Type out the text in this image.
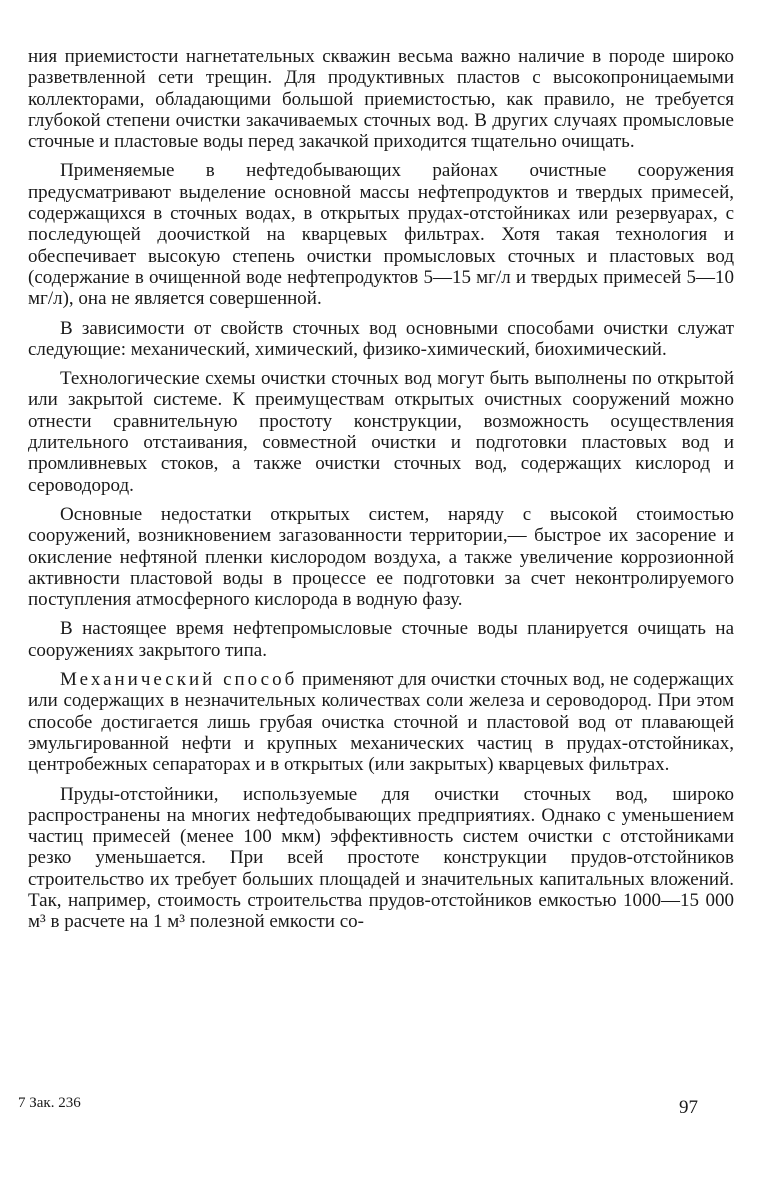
ния приемистости нагнетательных скважин весьма важно наличие в породе широко разветвленной сети трещин. Для продуктивных пластов с высокопроницаемыми коллекторами, обладающими большой приемистостью, как правило, не требуется глубокой степени очистки закачиваемых сточных вод. В других случаях промысловые сточные и пластовые воды перед закачкой приходится тщательно очищать.

Применяемые в нефтедобывающих районах очистные сооружения предусматривают выделение основной массы нефтепродуктов и твердых примесей, содержащихся в сточных водах, в открытых прудах-отстойниках или резервуарах, с последующей доочисткой на кварцевых фильтрах. Хотя такая технология и обеспечивает высокую степень очистки промысловых сточных и пластовых вод (содержание в очищенной воде нефтепродуктов 5—15 мг/л и твердых примесей 5—10 мг/л), она не является совершенной.

В зависимости от свойств сточных вод основными способами очистки служат следующие: механический, химический, физико-химический, биохимический.

Технологические схемы очистки сточных вод могут быть выполнены по открытой или закрытой системе. К преимуществам открытых очистных сооружений можно отнести сравнительную простоту конструкции, возможность осуществления длительного отстаивания, совместной очистки и подготовки пластовых вод и промливневых стоков, а также очистки сточных вод, содержащих кислород и сероводород.

Основные недостатки открытых систем, наряду с высокой стоимостью сооружений, возникновением загазованности территории,— быстрое их засорение и окисление нефтяной пленки кислородом воздуха, а также увеличение коррозионной активности пластовой воды в процессе ее подготовки за счет неконтролируемого поступления атмосферного кислорода в водную фазу.

В настоящее время нефтепромысловые сточные воды планируется очищать на сооружениях закрытого типа.

Механический способ применяют для очистки сточных вод, не содержащих или содержащих в незначительных количествах соли железа и сероводород. При этом способе достигается лишь грубая очистка сточной и пластовой вод от плавающей эмульгированной нефти и крупных механических частиц в прудах-отстойниках, центробежных сепараторах и в открытых (или закрытых) кварцевых фильтрах.

Пруды-отстойники, используемые для очистки сточных вод, широко распространены на многих нефтедобывающих предприятиях. Однако с уменьшением частиц примесей (менее 100 мкм) эффективность систем очистки с отстойниками резко уменьшается. При всей простоте конструкции прудов-отстойников строительство их требует больших площадей и значительных капитальных вложений. Так, например, стоимость строительства прудов-отстойников емкостью 1000—15 000 м³ в расчете на 1 м³ полезной емкости со-

7 Зак. 236	97
